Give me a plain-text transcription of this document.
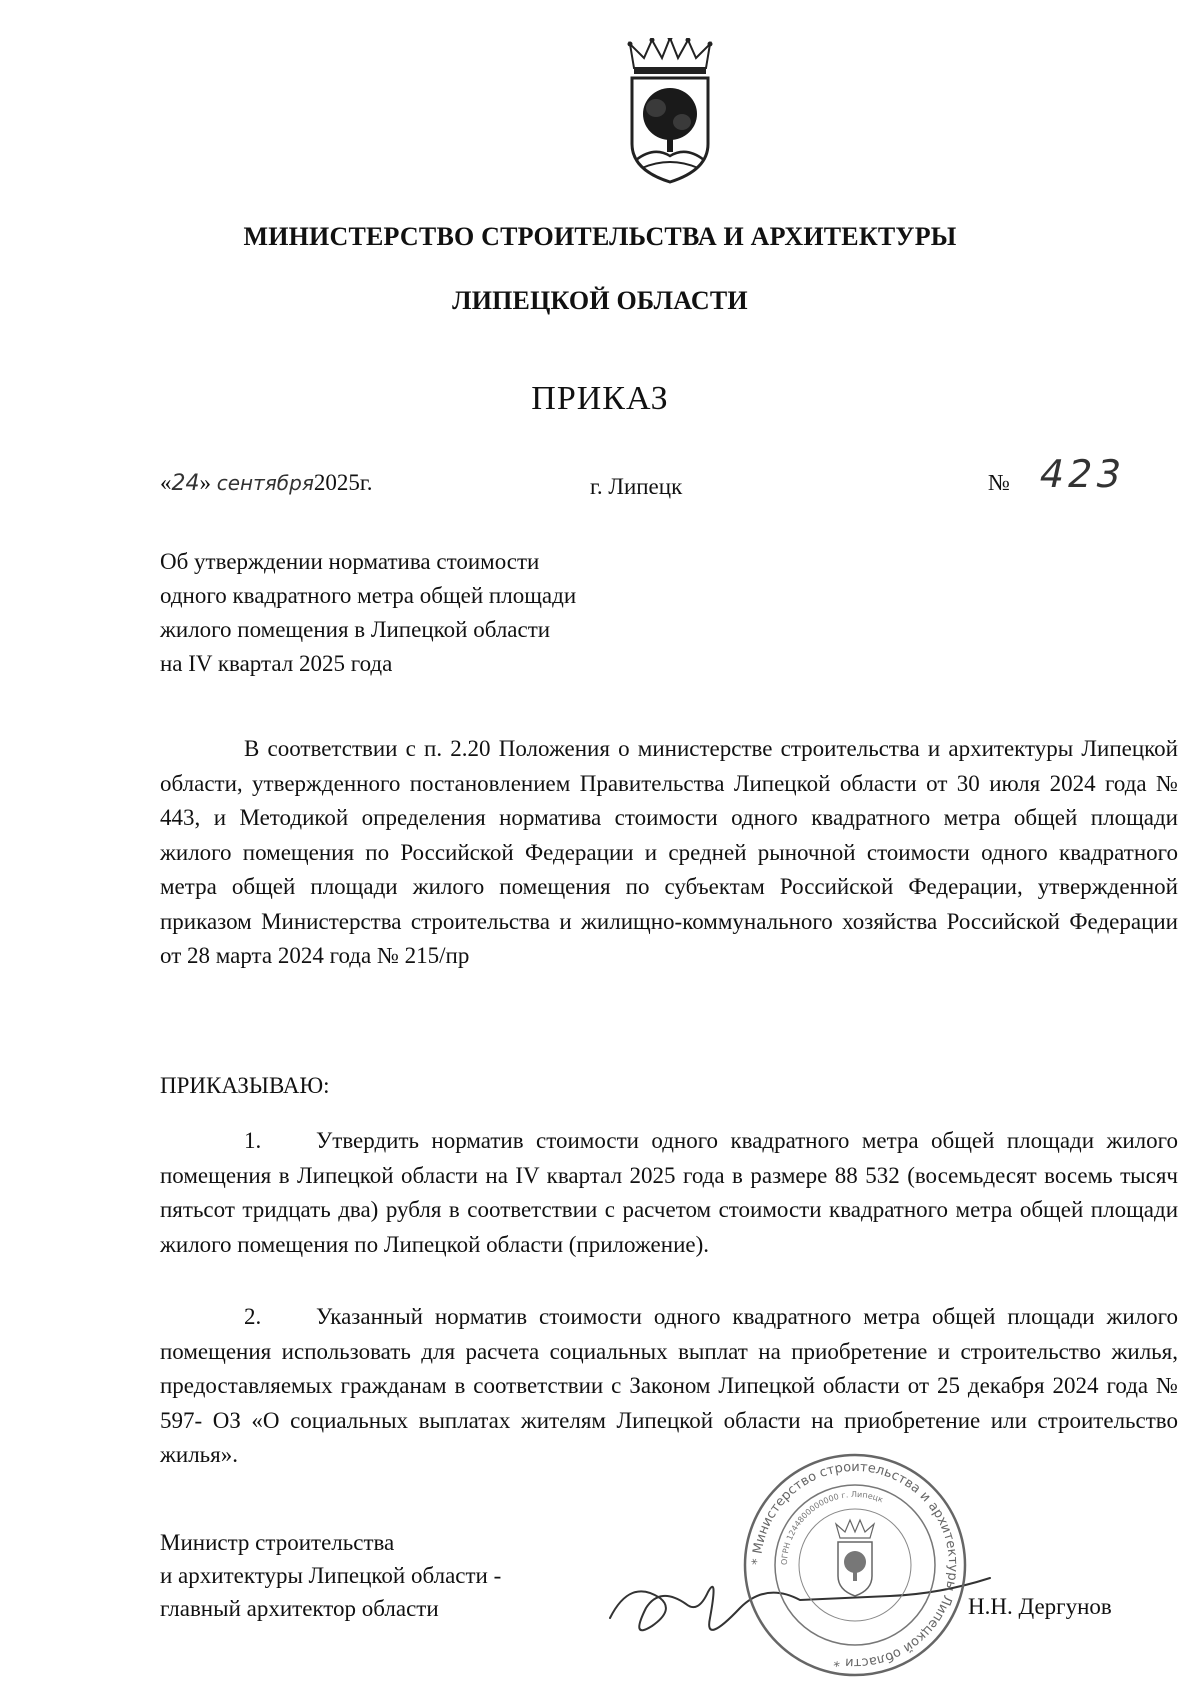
МИНИСТЕРСТВО СТРОИТЕЛЬСТВА И АРХИТЕКТУРЫ
ЛИПЕЦКОЙ ОБЛАСТИ
ПРИКАЗ
«24» сентября2025г.	г. Липецк	№ 423
Об утверждении норматива стоимости
одного квадратного метра общей площади
жилого помещения в Липецкой области
на IV квартал 2025 года
В соответствии с п. 2.20 Положения о министерстве строительства и архитектуры Липецкой области, утвержденного постановлением Правительства Липецкой области от 30 июля 2024 года № 443, и Методикой определения норматива стоимости одного квадратного метра общей площади жилого помещения по Российской Федерации и средней рыночной стоимости одного квадратного метра общей площади жилого помещения по субъектам Российской Федерации, утвержденной приказом Министерства строительства и жилищно-коммунального хозяйства Российской Федерации от 28 марта 2024 года № 215/пр
ПРИКАЗЫВАЮ:
1. Утвердить норматив стоимости одного квадратного метра общей площади жилого помещения в Липецкой области на IV квартал 2025 года в размере 88 532 (восемьдесят восемь тысяч пятьсот тридцать два) рубля в соответствии с расчетом стоимости квадратного метра общей площади жилого помещения по Липецкой области (приложение).
2. Указанный норматив стоимости одного квадратного метра общей площади жилого помещения использовать для расчета социальных выплат на приобретение и строительство жилья, предоставляемых гражданам в соответствии с Законом Липецкой области от 25 декабря 2024 года № 597- ОЗ «О социальных выплатах жителям Липецкой области на приобретение или строительство жилья».
Министр строительства
и архитектуры Липецкой области -
главный архитектор области
* Министерство строительства и архитектуры Липецкой области *
ОГРН 1244800000000 г. Липецк
Н.Н. Дергунов
